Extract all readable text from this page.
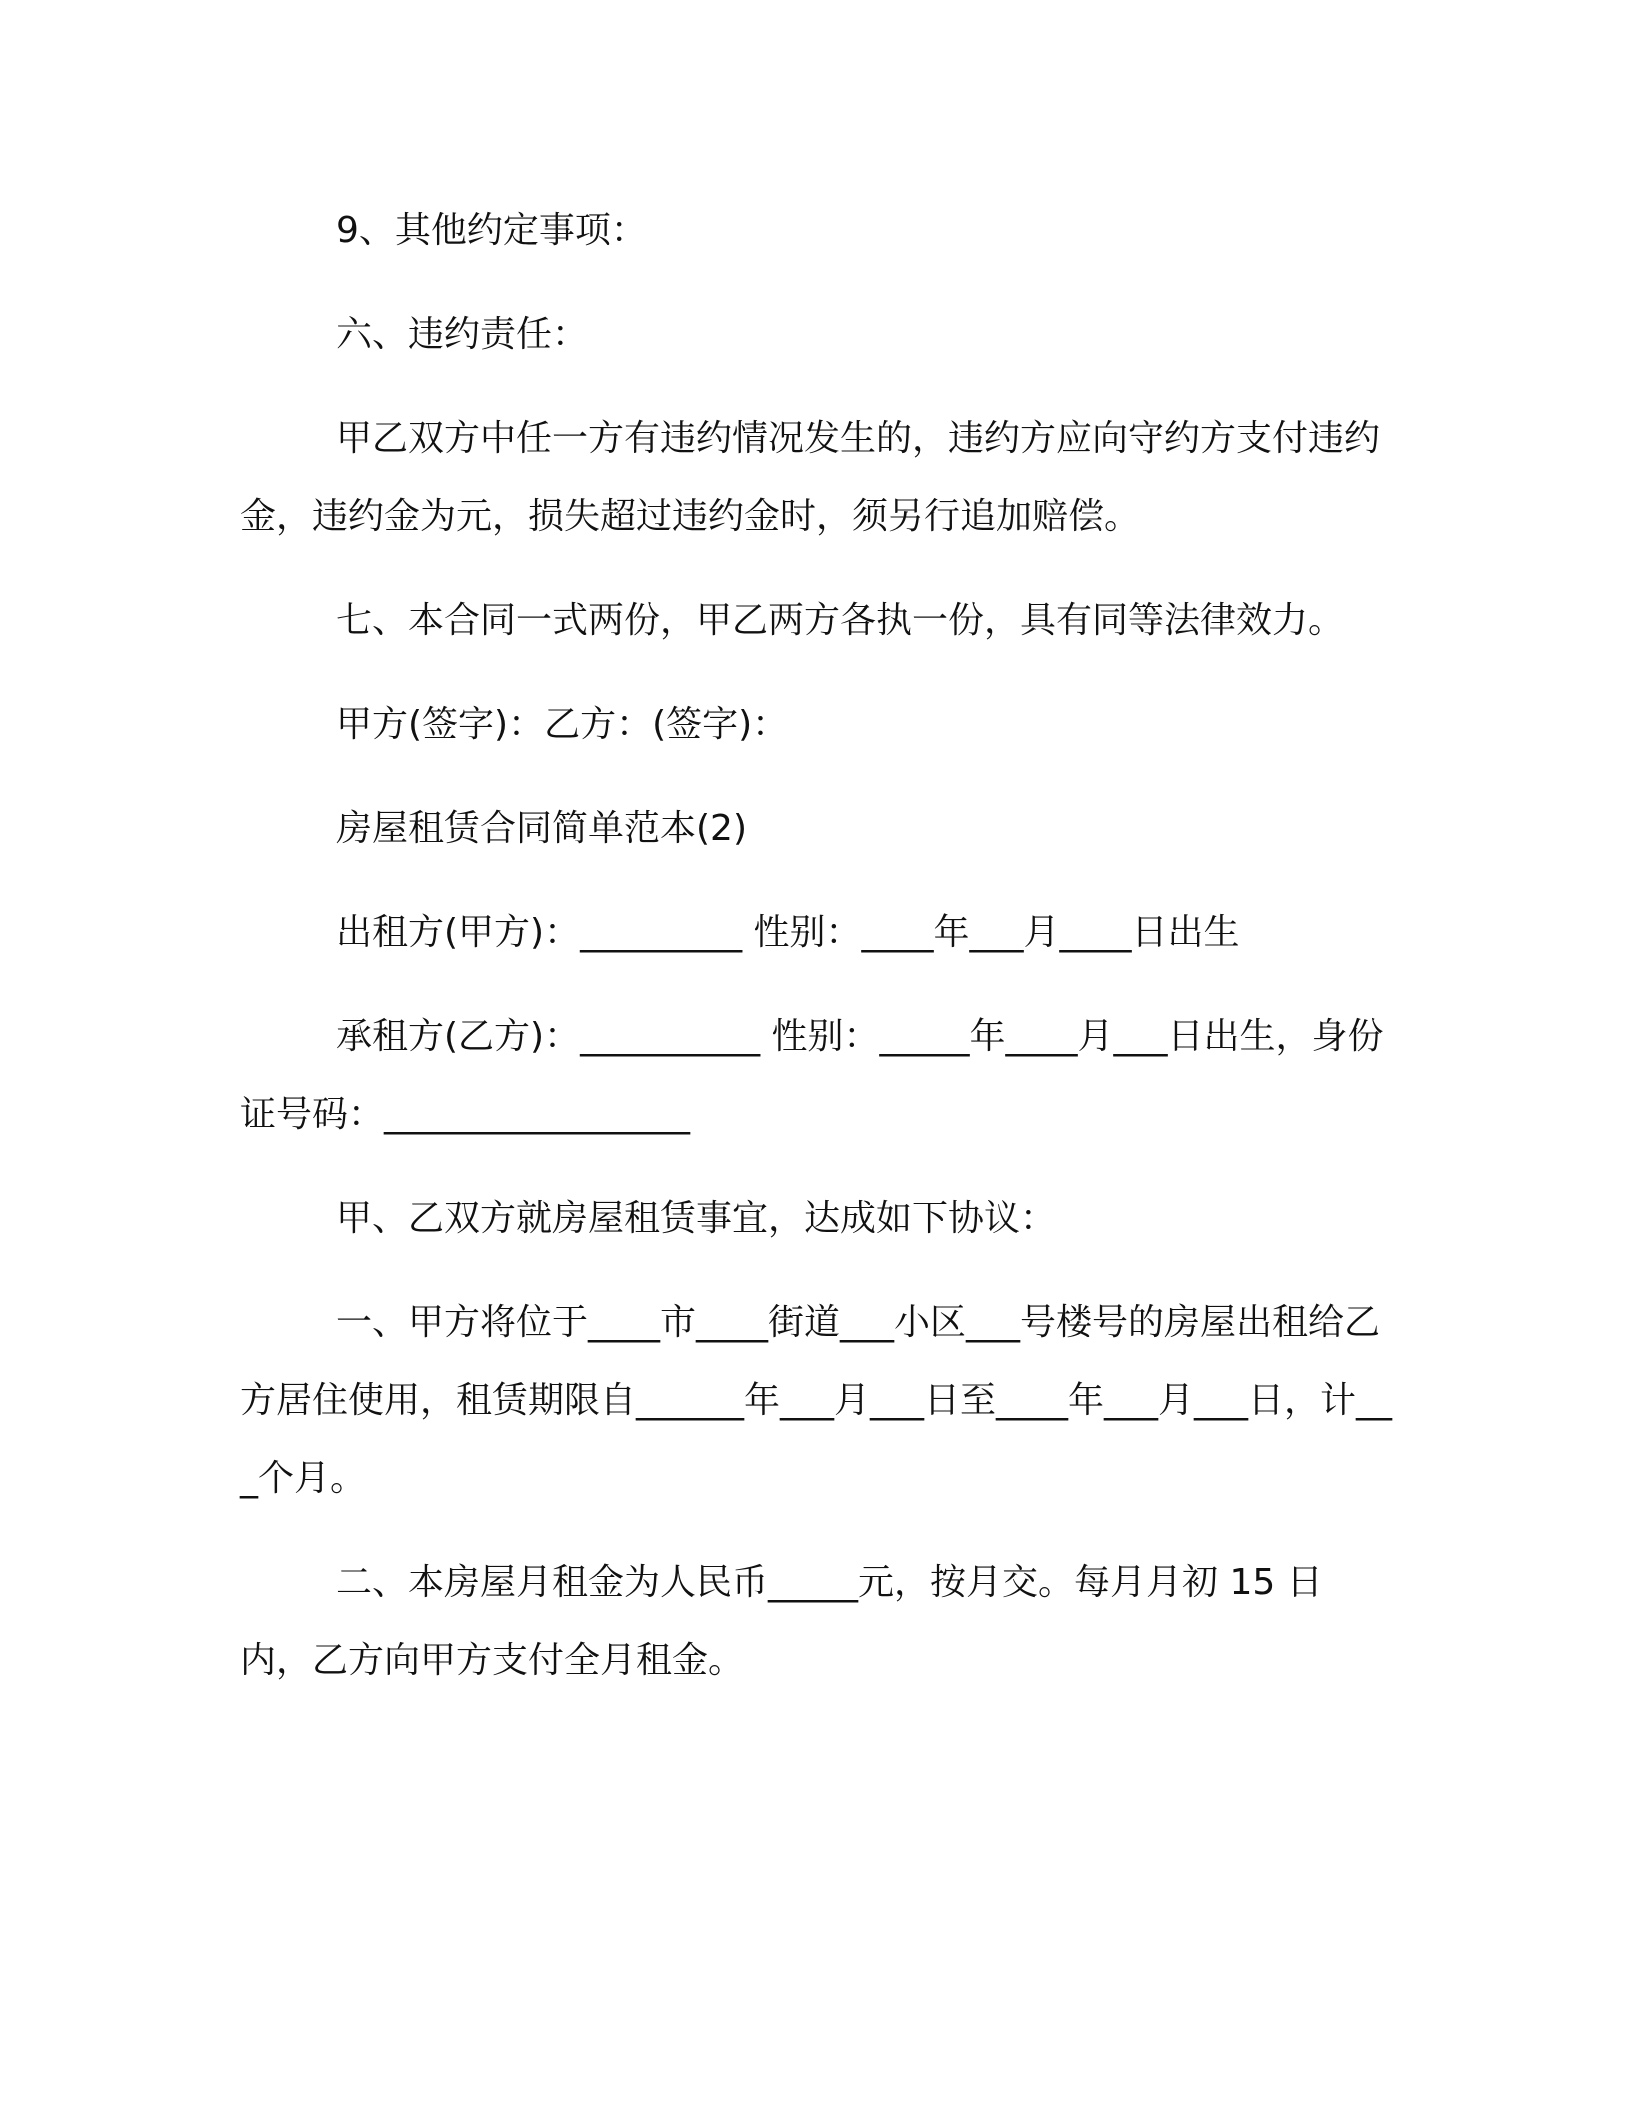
9、其他约定事项：

六、违约责任：

甲乙双方中任一方有违约情况发生的，违约方应向守约方支付违约金，违约金为元，损失超过违约金时，须另行追加赔偿。

七、本合同一式两份，甲乙两方各执一份，具有同等法律效力。

甲方(签字)：乙方：(签字)：

房屋租赁合同简单范本(2)

出租方(甲方)：_________ 性别：____年___月____日出生

承租方(乙方)：__________ 性别：_____年____月___日出生，身份证号码：_________________

甲、乙双方就房屋租赁事宜，达成如下协议：

一、甲方将位于____市____街道___小区___号楼号的房屋出租给乙方居住使用，租赁期限自______年___月___日至____年___月___日，计___个月。

二、本房屋月租金为人民币_____元，按月交。每月月初 15 日内，乙方向甲方支付全月租金。
